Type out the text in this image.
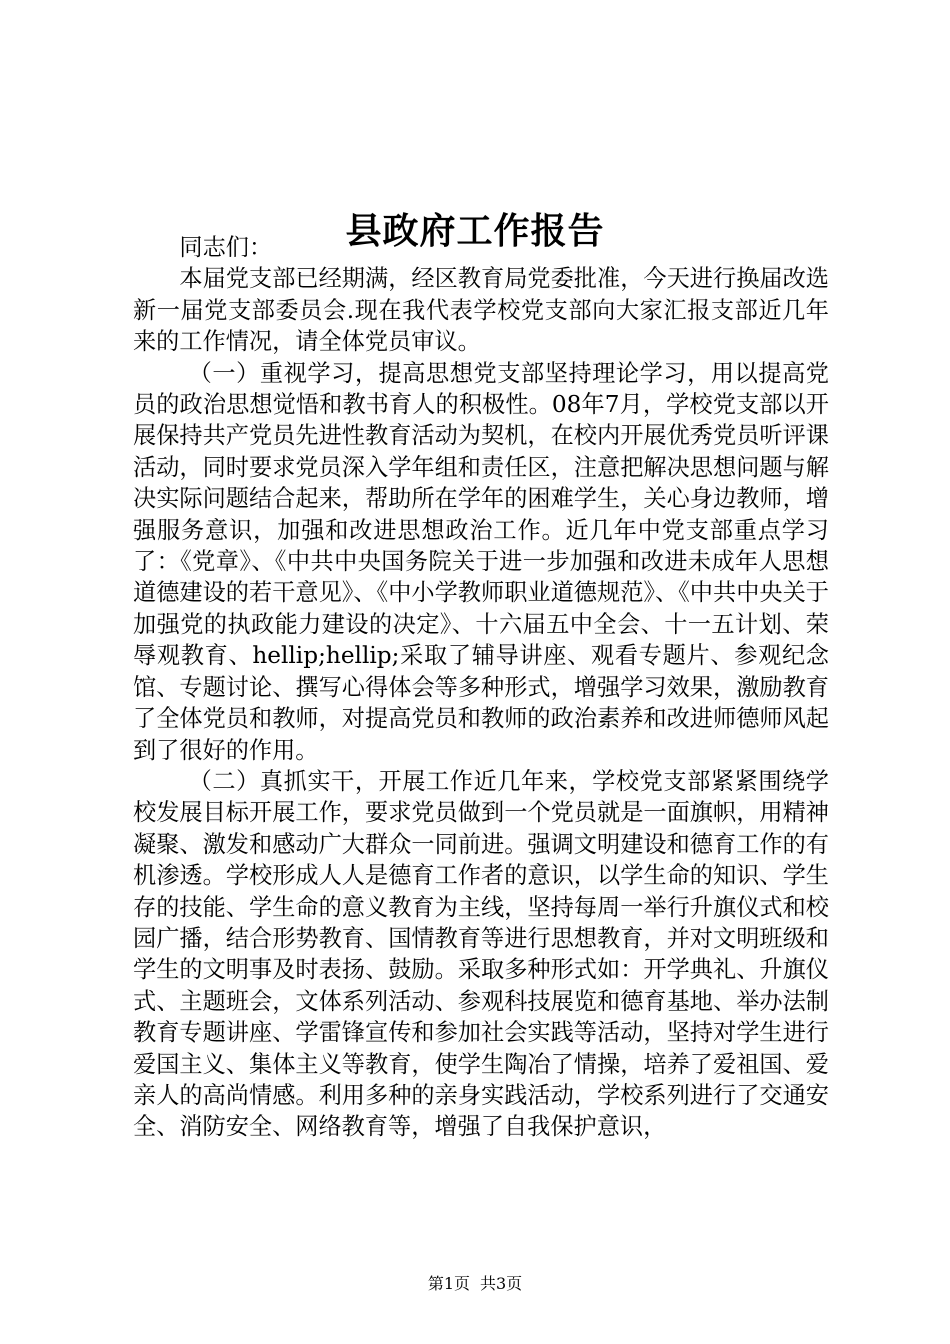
县政府工作报告

同志们：

本届党支部已经期满，经区教育局党委批准，今天进行换届改选新一届党支部委员会.现在我代表学校党支部向大家汇报支部近几年来的工作情况，请全体党员审议。

（一）重视学习，提高思想党支部坚持理论学习，用以提高党员的政治思想觉悟和教书育人的积极性。08年7月，学校党支部以开展保持共产党员先进性教育活动为契机，在校内开展优秀党员听评课活动，同时要求党员深入学年组和责任区，注意把解决思想问题与解决实际问题结合起来，帮助所在学年的困难学生，关心身边教师，增强服务意识，加强和改进思想政治工作。近几年中党支部重点学习了：《党章》、《中共中央国务院关于进一步加强和改进未成年人思想道德建设的若干意见》、《中小学教师职业道德规范》、《中共中央关于加强党的执政能力建设的决定》、十六届五中全会、十一五计划、荣辱观教育、hellip;hellip;采取了辅导讲座、观看专题片、参观纪念馆、专题讨论、撰写心得体会等多种形式，增强学习效果，激励教育了全体党员和教师，对提高党员和教师的政治素养和改进师德师风起到了很好的作用。

（二）真抓实干，开展工作近几年来，学校党支部紧紧围绕学校发展目标开展工作，要求党员做到一个党员就是一面旗帜，用精神凝聚、激发和感动广大群众一同前进。强调文明建设和德育工作的有机渗透。学校形成人人是德育工作者的意识，以学生命的知识、学生存的技能、学生命的意义教育为主线，坚持每周一举行升旗仪式和校园广播，结合形势教育、国情教育等进行思想教育，并对文明班级和学生的文明事及时表扬、鼓励。采取多种形式如：开学典礼、升旗仪式、主题班会，文体系列活动、参观科技展览和德育基地、举办法制教育专题讲座、学雷锋宣传和参加社会实践等活动，坚持对学生进行爱国主义、集体主义等教育，使学生陶冶了情操，培养了爱祖国、爱亲人的高尚情感。利用多种的亲身实践活动，学校系列进行了交通安全、消防安全、网络教育等，增强了自我保护意识，

第1页 共3页
